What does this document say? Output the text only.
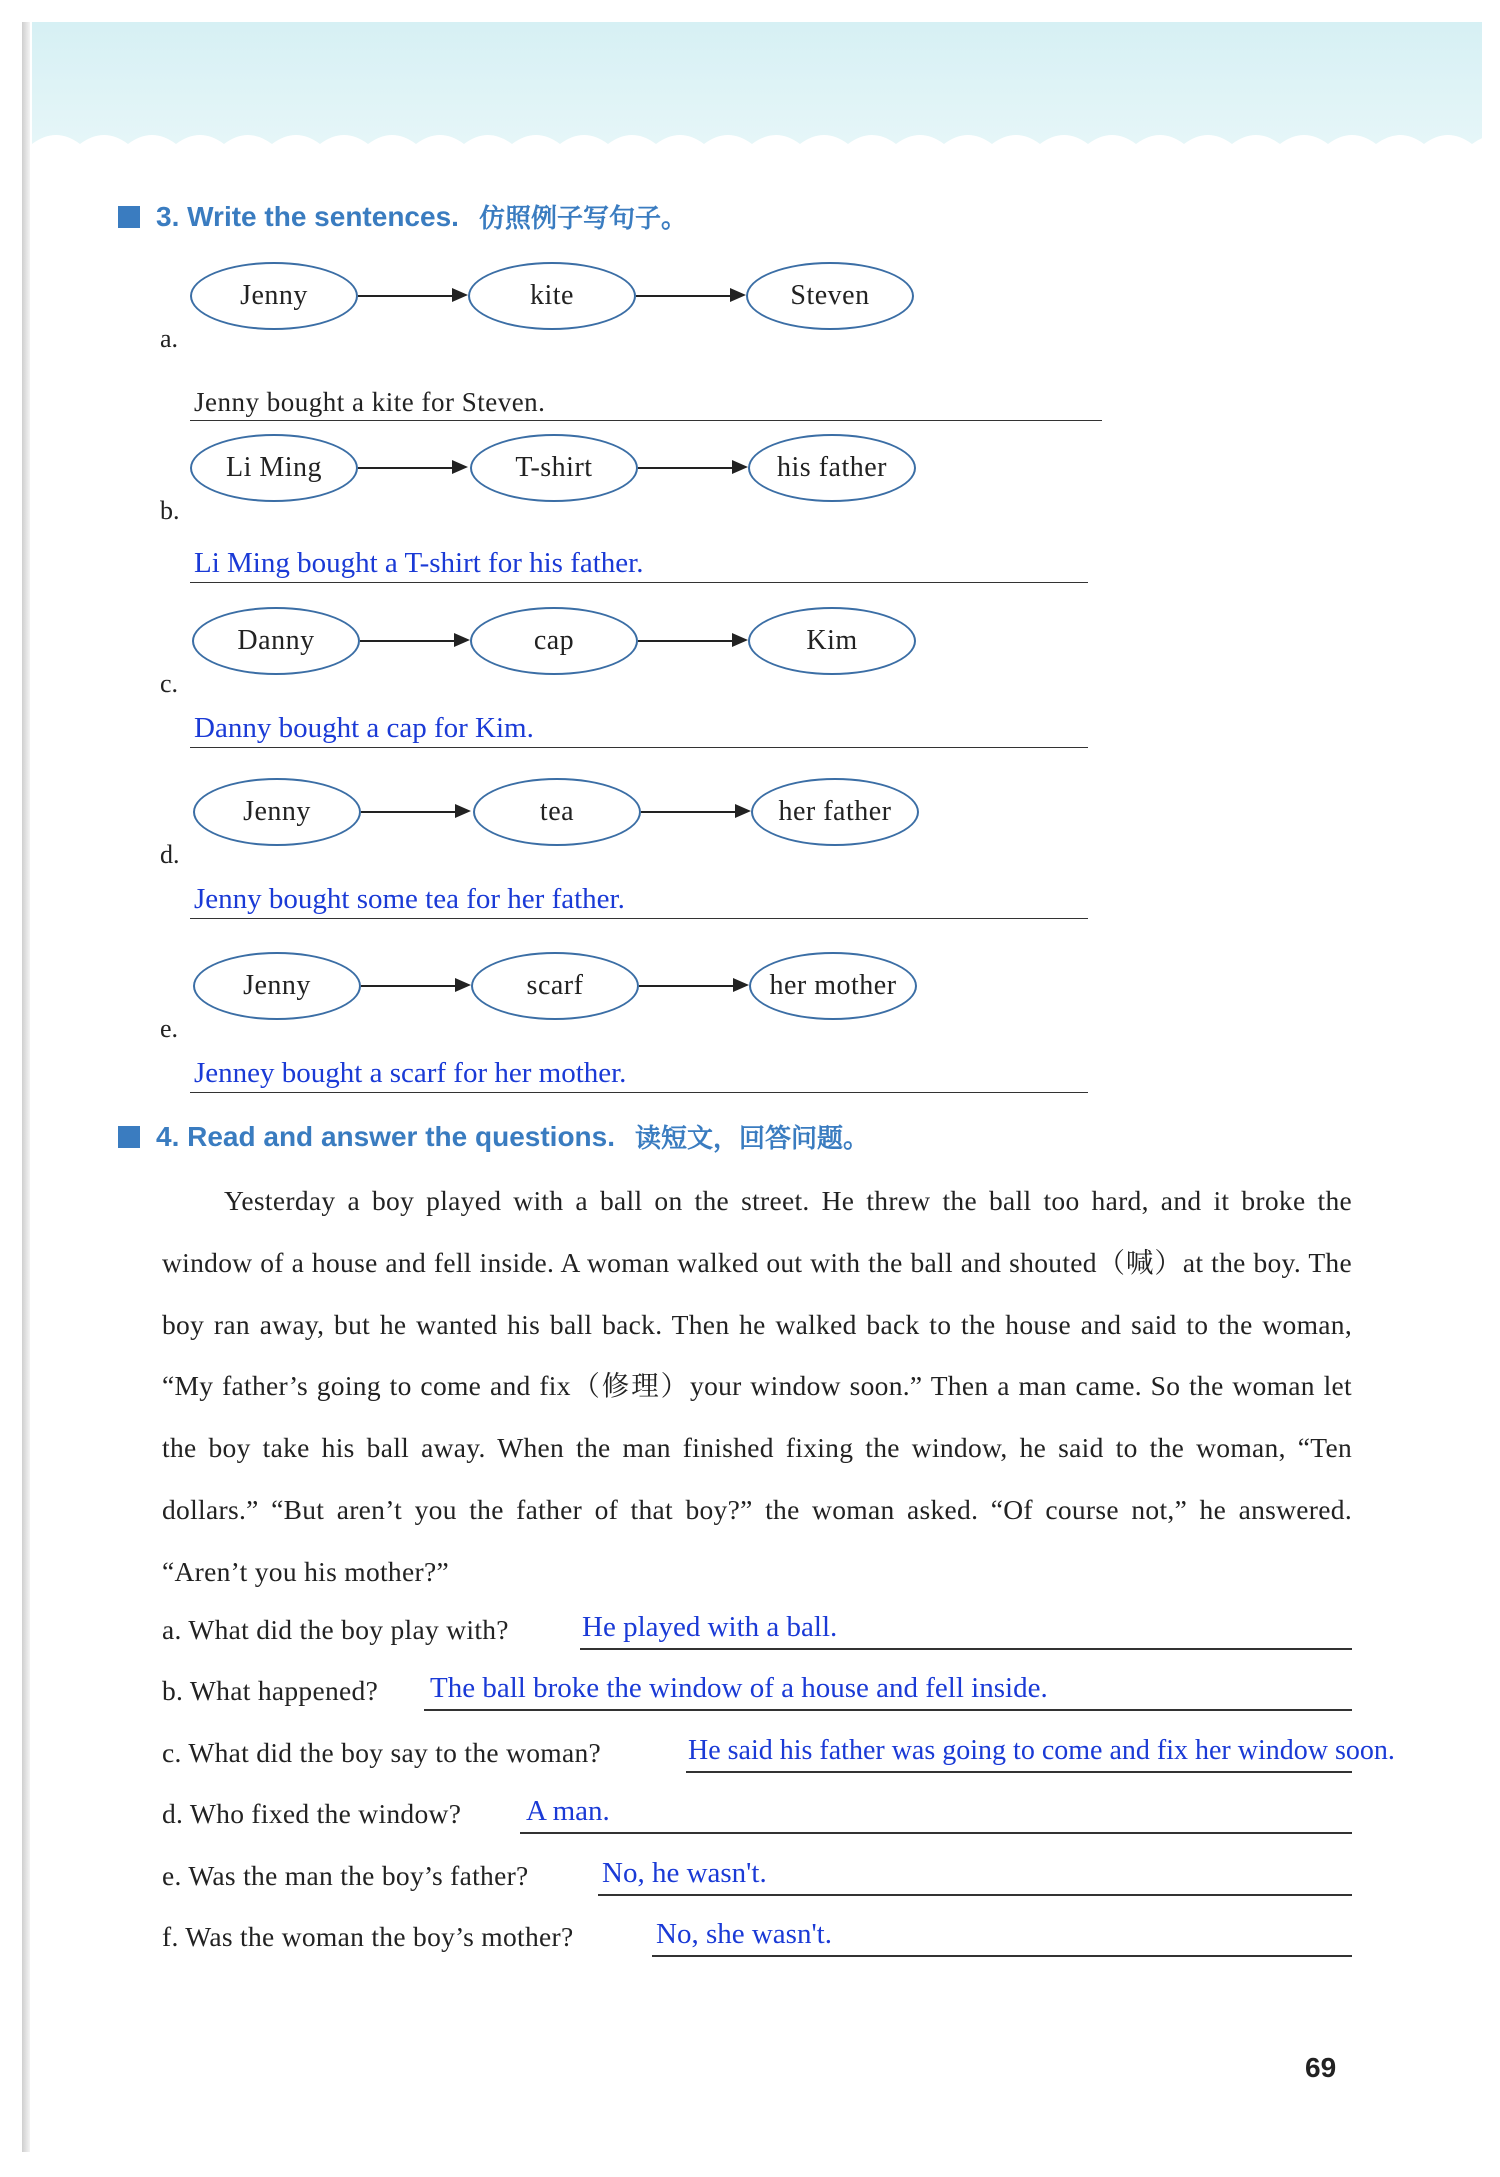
3. Write the sentences. 仿照例子写句子。
a.
Jenny	kite	Steven
Jenny bought a kite for Steven.
b.
Li Ming	T-shirt	his father
Li Ming bought a T-shirt for his father.
c.
Danny	cap	Kim
Danny bought a cap for Kim.
d.
Jenny	tea	her father
Jenny bought some tea for her father.
e.
Jenny	scarf	her mother
Jenney bought a scarf for her mother.
4. Read and answer the questions. 读短文，回答问题。

Yesterday a boy played with a ball on the street. He threw the ball too hard, and it broke the window of a house and fell inside. A woman walked out with the ball and shouted（喊）at the boy. The boy ran away, but he wanted his ball back. Then he walked back to the house and said to the woman, “My father’s going to come and fix（修理）your window soon.” Then a man came. So the woman let the boy take his ball away. When the man finished fixing the window, he said to the woman, “Ten dollars.” “But aren’t you the father of that boy?” the woman asked. “Of course not,” he answered. “Aren’t you his mother?”

a. What did the boy play with?	He played with a ball.
b. What happened? The ball broke the window of a house and fell inside.
c. What did the boy say to the woman?	He said his father was going to come and fix her window soon.
d. Who fixed the window? A man.
e. Was the man the boy’s father?	No, he wasn't.
f. Was the woman the boy’s mother?	No, she wasn't.
69
